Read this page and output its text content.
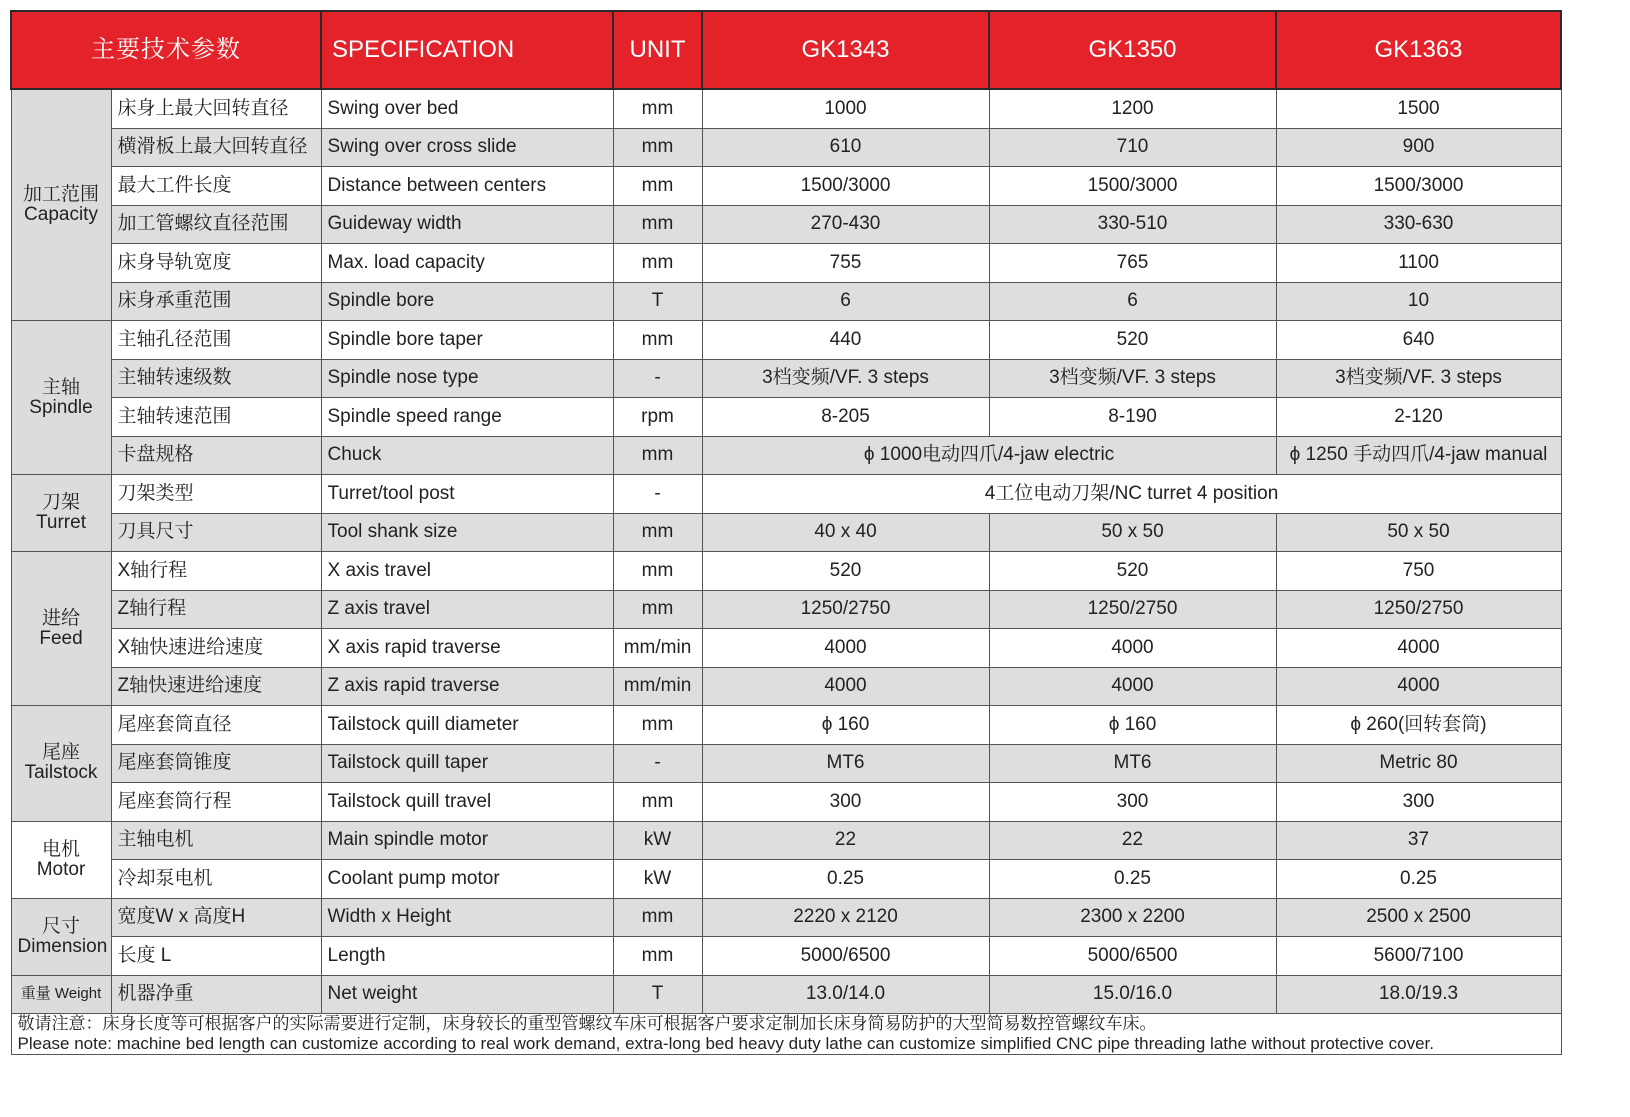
主要技术参数		SPECIFICATION	UNIT	GK1343	GK1350	GK1363
加工范围
Capacity	床身上最大回转直径	Swing over bed	mm	1000	1200	1500
	横滑板上最大回转直径	Swing over cross slide	mm	610	710	900
	最大工件长度	Distance between centers	mm	1500/3000	1500/3000	1500/3000
	加工管螺纹直径范围	Guideway width	mm	270-430	330-510	330-630
	床身导轨宽度	Max. load capacity	mm	755	765	1100
	床身承重范围	Spindle bore	T	6	6	10
主轴
Spindle	主轴孔径范围	Spindle bore taper	mm	440	520	640
	主轴转速级数	Spindle nose type	-	3档变频/VF. 3 steps	3档变频/VF. 3 steps	3档变频/VF. 3 steps
	主轴转速范围	Spindle speed range	rpm	8-205	8-190	2-120
	卡盘规格	Chuck	mm	ϕ 1000电动四爪/4-jaw electric		ϕ 1250 手动四爪/4-jaw manual
刀架
Turret	刀架类型	Turret/tool post	-	4工位电动刀架/NC turret 4 position		
	刀具尺寸	Tool shank size	mm	40 x 40	50 x 50	50 x 50
进给
Feed	X轴行程	X axis travel	mm	520	520	750
	Z轴行程	Z axis travel	mm	1250/2750	1250/2750	1250/2750
	X轴快速进给速度	X axis rapid traverse	mm/min	4000	4000	4000
	Z轴快速进给速度	Z axis rapid traverse	mm/min	4000	4000	4000
尾座
Tailstock	尾座套筒直径	Tailstock quill diameter	mm	ϕ 160	ϕ 160	ϕ 260(回转套筒)
	尾座套筒锥度	Tailstock quill taper	-	MT6	MT6	Metric 80
	尾座套筒行程	Tailstock quill travel	mm	300	300	300
电机
Motor	主轴电机	Main spindle motor	kW	22	22	37
	冷却泵电机	Coolant pump motor	kW	0.25	0.25	0.25
尺寸
Dimension	宽度W x 高度H	Width x Height	mm	2220 x 2120	2300 x 2200	2500 x 2500
	长度 L	Length	mm	5000/6500	5000/6500	5600/7100
重量 Weight	机器净重	Net weight	T	13.0/14.0	15.0/16.0	18.0/19.3

敬请注意：床身长度等可根据客户的实际需要进行定制，床身较长的重型管螺纹车床可根据客户要求定制加长床身简易防护的大型简易数控管螺纹车床。
Please note: machine bed length can customize according to real work demand, extra-long bed heavy duty lathe can customize simplified CNC pipe threading lathe without protective cover.						
